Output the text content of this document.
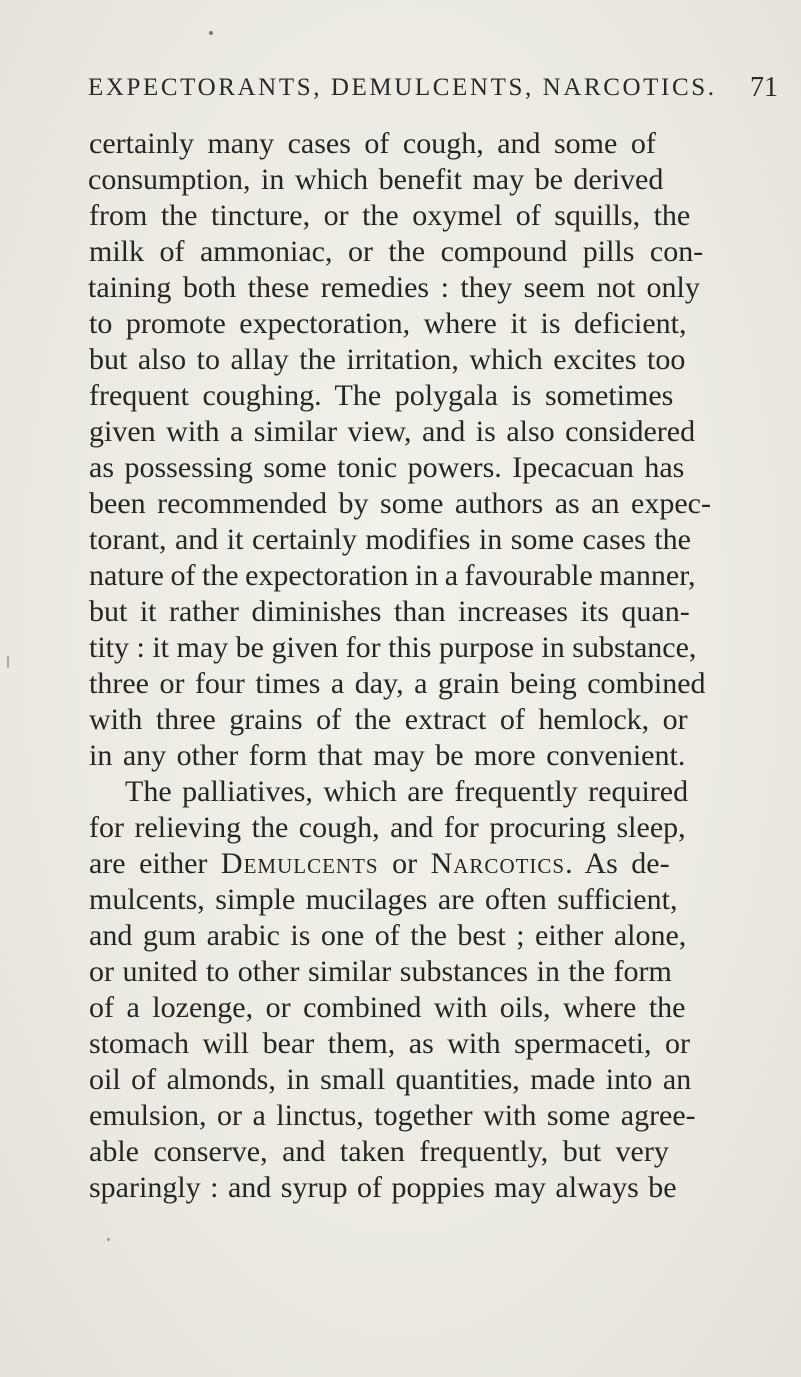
EXPECTORANTS, DEMULCENTS, NARCOTICS. 71
certainly many cases of cough, and some of
consumption, in which benefit may be derived
from the tincture, or the oxymel of squills, the
milk of ammoniac, or the compound pills con-
taining both these remedies : they seem not only
to promote expectoration, where it is deficient,
but also to allay the irritation, which excites too
frequent coughing. The polygala is sometimes
given with a similar view, and is also considered
as possessing some tonic powers. Ipecacuan has
been recommended by some authors as an expec-
torant, and it certainly modifies in some cases the
nature of the expectoration in a favourable manner,
but it rather diminishes than increases its quan-
tity : it may be given for this purpose in substance,
three or four times a day, a grain being combined
with three grains of the extract of hemlock, or
in any other form that may be more convenient.
The palliatives, which are frequently required
for relieving the cough, and for procuring sleep,
are either Demulcents or Narcotics. As de-
mulcents, simple mucilages are often sufficient,
and gum arabic is one of the best ; either alone,
or united to other similar substances in the form
of a lozenge, or combined with oils, where the
stomach will bear them, as with spermaceti, or
oil of almonds, in small quantities, made into an
emulsion, or a linctus, together with some agree-
able conserve, and taken frequently, but very
sparingly : and syrup of poppies may always be
